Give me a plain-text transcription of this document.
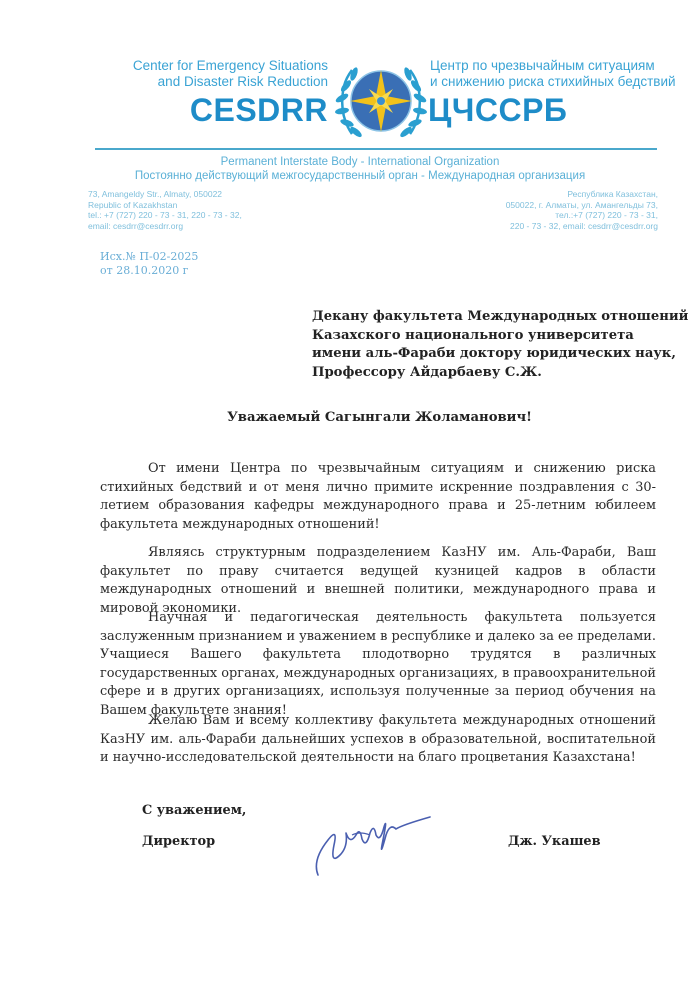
Center for Emergency Situations
and Disaster Risk Reduction
CESDRR
Центр по чрезвычайным ситуациям
и снижению риска стихийных бедствий
ЦЧССРБ
Permanent Interstate Body - International Organization
Постоянно действующий межгосударственный орган - Международная организация
73, Amangeldy Str., Almaty, 050022
Republic of Kazakhstan
tel.: +7 (727) 220 - 73 - 31, 220 - 73 - 32,
email: cesdrr@cesdrr.org
Республика Казахстан,
050022, г. Алматы, ул. Амангельды 73,
тел.:+7 (727) 220 - 73 - 31,
220 - 73 - 32, email: cesdrr@cesdrr.org
Исх.№ П-02-2025
от 28.10.2020 г
Декану факультета Международных отношений
Казахского национального университета
имени аль-Фараби доктору юридических наук,
Профессору Айдарбаеву С.Ж.
Уважаемый Сагынгали Жоламанович!

От имени Центра по чрезвычайным ситуациям и снижению риска стихийных бедствий и от меня лично примите искренние поздравления с 30-летием образования кафедры международного права и 25-летним юбилеем факультета международных отношений!

Являясь структурным подразделением КазНУ им. Аль-Фараби, Ваш факультет по праву считается ведущей кузницей кадров в области международных отношений и внешней политики, международного права и мировой экономики.

Научная и педагогическая деятельность факультета пользуется заслуженным признанием и уважением в республике и далеко за ее пределами. Учащиеся Вашего факультета плодотворно трудятся в различных государственных органах, международных организациях, в правоохранительной сфере и в других организациях, используя полученные за период обучения на Вашем факультете знания!

Желаю Вам и всему коллективу факультета международных отношений КазНУ им. аль-Фараби дальнейших успехов в образовательной, воспитательной и научно-исследовательской деятельности на благо процветания Казахстана!

С уважением,
Директор	Дж. Укашев
